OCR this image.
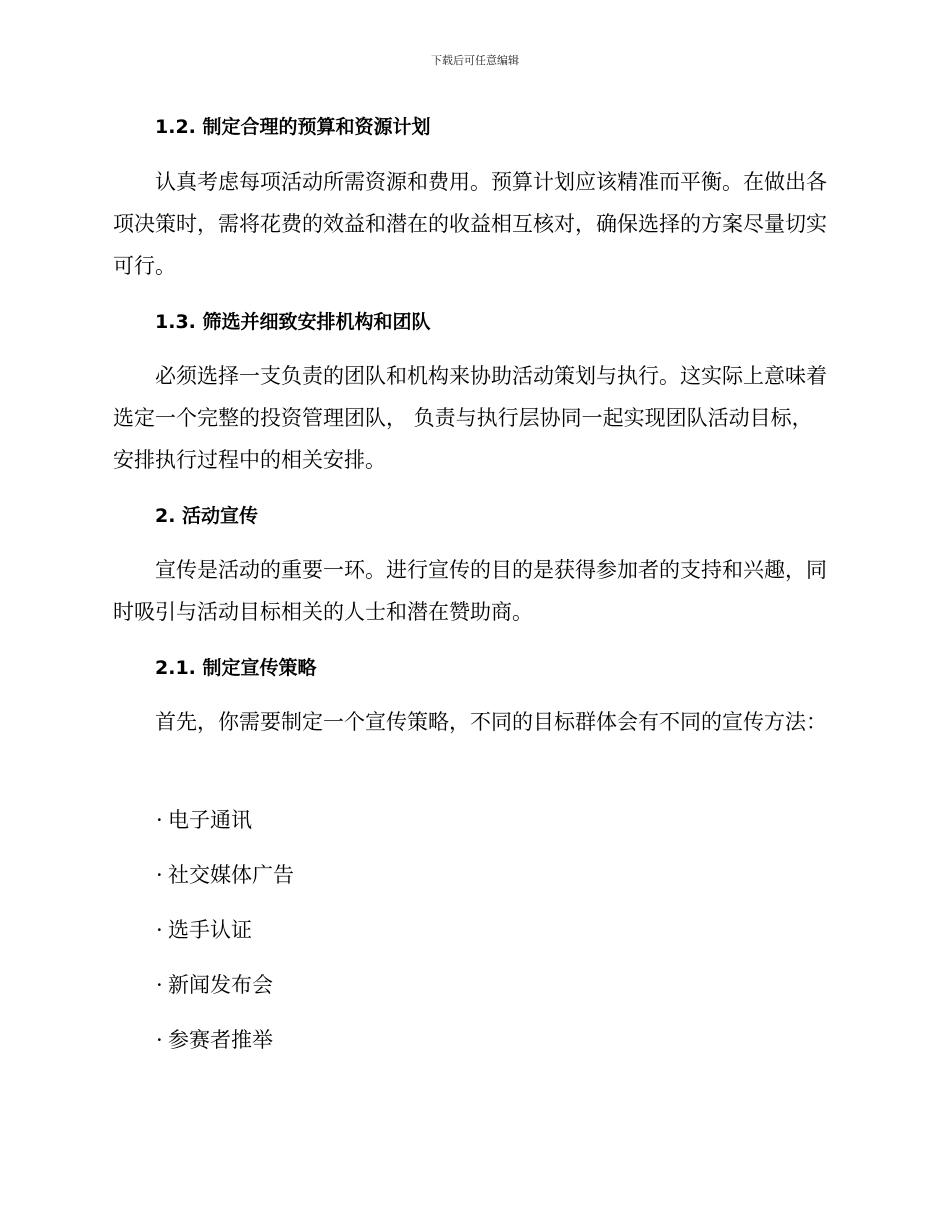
下载后可任意编辑
1.2. 制定合理的预算和资源计划
认真考虑每项活动所需资源和费用。预算计划应该精准而平衡。在做出各项决策时，需将花费的效益和潜在的收益相互核对，确保选择的方案尽量切实可行。
1.3. 筛选并细致安排机构和团队
必须选择一支负责的团队和机构来协助活动策划与执行。这实际上意味着选定一个完整的投资管理团队， 负责与执行层协同一起实现团队活动目标，安排执行过程中的相关安排。
2. 活动宣传
宣传是活动的重要一环。进行宣传的目的是获得参加者的支持和兴趣，同时吸引与活动目标相关的人士和潜在赞助商。
2.1. 制定宣传策略
首先，你需要制定一个宣传策略，不同的目标群体会有不同的宣传方法：
· 电子通讯
· 社交媒体广告
· 选手认证
· 新闻发布会
· 参赛者推举
